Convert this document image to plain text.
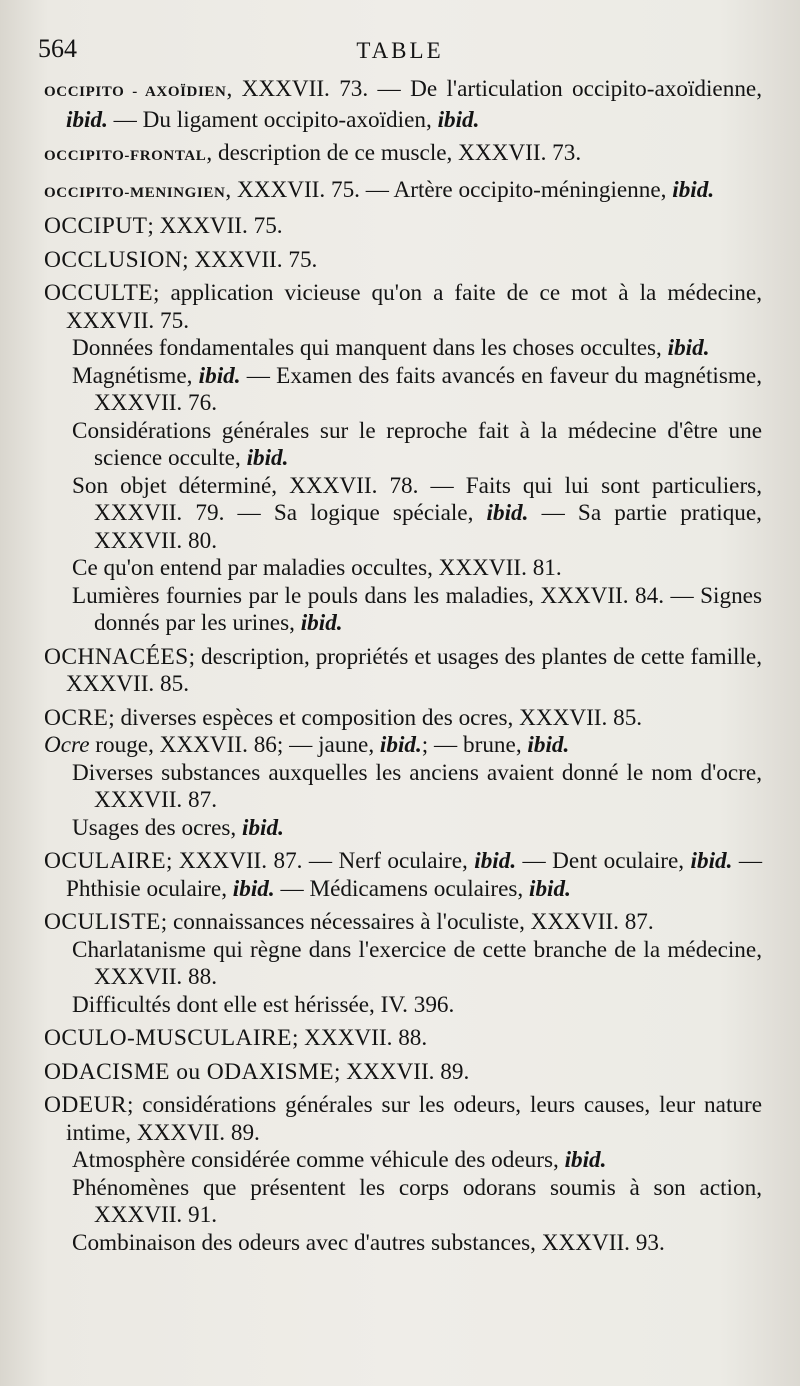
564	TABLE

OCCIPITO - AXOÏDIEN, XXXVII. 73. — De l'articulation occipito-axoïdienne, ibid. — Du ligament occipito-axoïdien, ibid.

OCCIPITO-FRONTAL, description de ce muscle, XXXVII. 73.

OCCIPITO-MENINGIEN, XXXVII. 75. — Artère occipito-méningienne, ibid.

OCCIPUT; XXXVII. 75.

OCCLUSION; XXXVII. 75.

OCCULTE; application vicieuse qu'on a faite de ce mot à la médecine, XXXVII. 75.

Données fondamentales qui manquent dans les choses occultes, ibid.

Magnétisme, ibid. — Examen des faits avancés en faveur du magnétisme, XXXVII. 76.

Considérations générales sur le reproche fait à la médecine d'être une science occulte, ibid.

Son objet déterminé, XXXVII. 78. — Faits qui lui sont particuliers, XXXVII. 79. — Sa logique spéciale, ibid. — Sa partie pratique, XXXVII. 80.

Ce qu'on entend par maladies occultes, XXXVII. 81.

Lumières fournies par le pouls dans les maladies, XXXVII. 84. — Signes donnés par les urines, ibid.

OCHNACÉES; description, propriétés et usages des plantes de cette famille, XXXVII. 85.

OCRE; diverses espèces et composition des ocres, XXXVII. 85.

Ocre rouge, XXXVII. 86; — jaune, ibid.; — brune, ibid.

Diverses substances auxquelles les anciens avaient donné le nom d'ocre, XXXVII. 87.

Usages des ocres, ibid.

OCULAIRE; XXXVII. 87. — Nerf oculaire, ibid. — Dent oculaire, ibid. — Phthisie oculaire, ibid. — Médicamens oculaires, ibid.

OCULISTE; connaissances nécessaires à l'oculiste, XXXVII. 87.

Charlatanisme qui règne dans l'exercice de cette branche de la médecine, XXXVII. 88.

Difficultés dont elle est hérissée, IV. 396.

OCULO-MUSCULAIRE; XXXVII. 88.

ODACISME ou ODAXISME; XXXVII. 89.

ODEUR; considérations générales sur les odeurs, leurs causes, leur nature intime, XXXVII. 89.

Atmosphère considérée comme véhicule des odeurs, ibid.

Phénomènes que présentent les corps odorans soumis à son action, XXXVII. 91.

Combinaison des odeurs avec d'autres substances, XXXVII. 93.
